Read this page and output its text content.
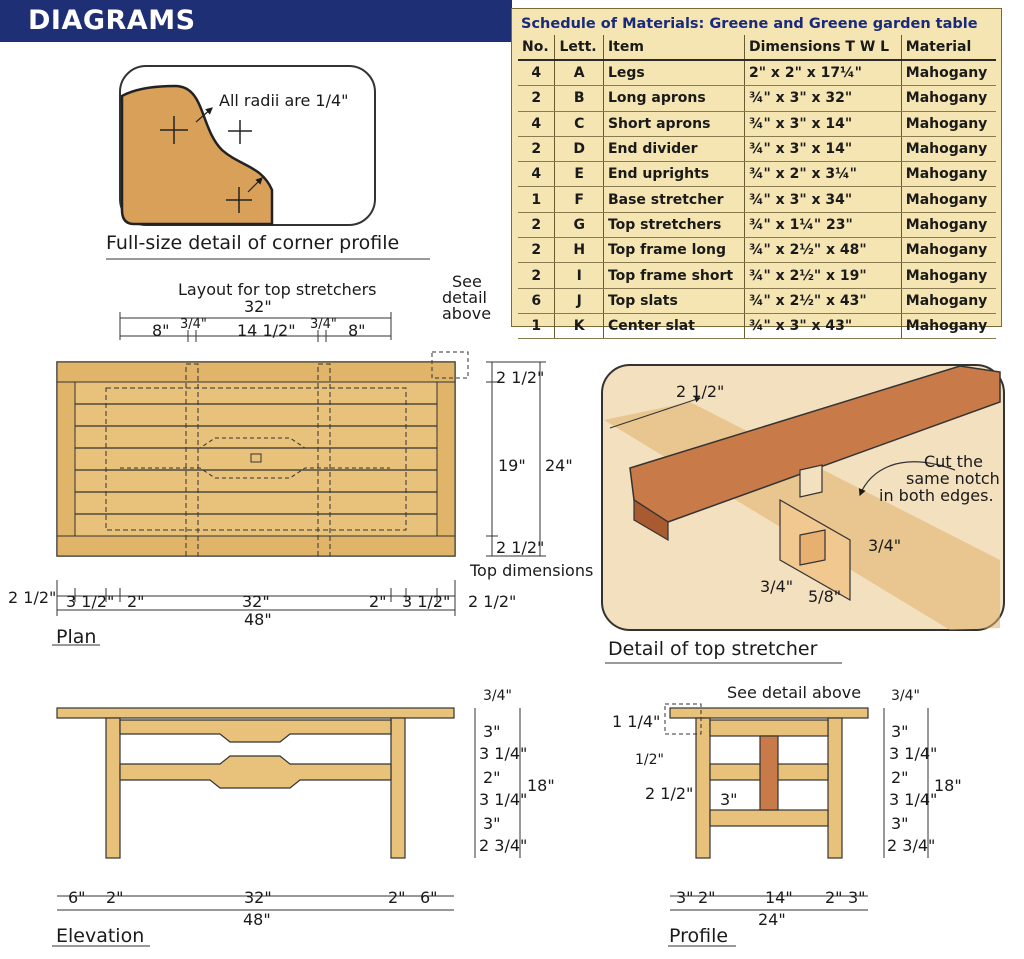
DIAGRAMS	Schedule of Materials: Greene and Greene garden table
No.	Lett.	Item	Dimensions T W L	Material
4	A	Legs	2" x 2" x 17¼"	Mahogany
2	B	Long aprons	¾" x 3" x 32"	Mahogany
4	C	Short aprons	¾" x 3" x 14"	Mahogany
2	D	End divider	¾" x 3" x 14"	Mahogany
4	E	End uprights	¾" x 2" x 3¼"	Mahogany
1	F	Base stretcher	¾" x 3" x 34"	Mahogany
2	G	Top stretchers	¾" x 1¼" 23"	Mahogany
2	H	Top frame long	¾" x 2½" x 48"	Mahogany
2	I	Top frame short	¾" x 2½" x 19"	Mahogany
6	J	Top slats	¾" x 2½" x 43"	Mahogany
1	K	Center slat	¾" x 3" x 43"	Mahogany
All radii are 1/4"
Full-size detail of corner profile
Layout for top stretchers
32"
8" 3/4" 14 1/2" 3/4" 8"
See
detail
above
2 1/2"
19"
2 1/2"
24"
Top dimensions
2 1/2" 3 1/2" 2"	32"	2" 3 1/2" 2 1/2"
48"
Plan
2 1/2"
Cut the
same notch
in both edges.
3/4"
3/4"
5/8"
Detail of top stretcher
3/4"
3"
3 1/4"
2"
3 1/4"
3"
2 3/4"
18"
6" 2"	32"	2" 6"
48"
Elevation
See detail above
1 1/4"
1/2"
2 1/2" 3"
3/4"
3"
3 1/4"
2"
3 1/4"
3"
2 3/4"
18"
3" 2"	14" 2" 3"
24"
Profile
